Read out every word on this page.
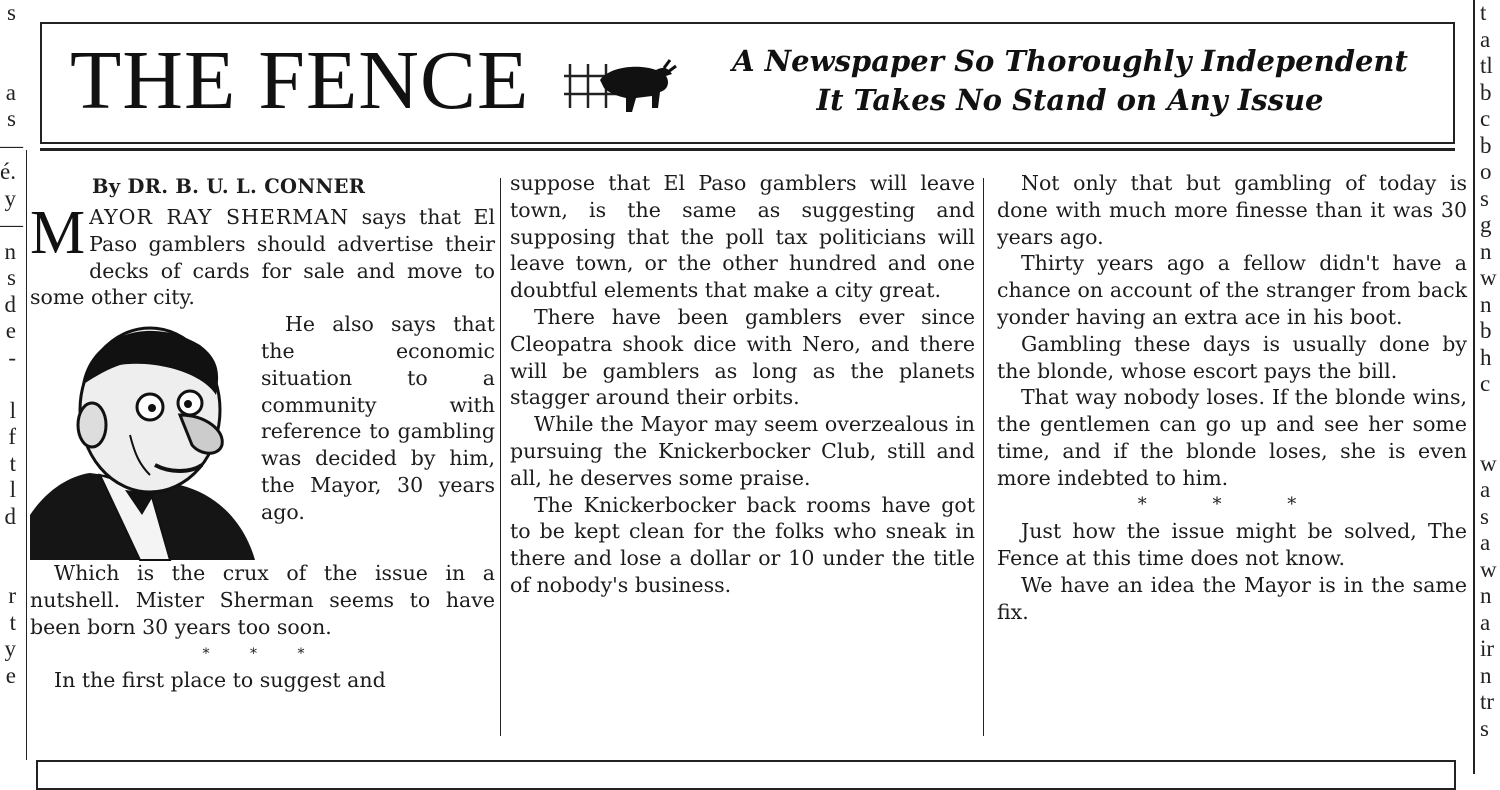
s
a
s
—
é.
y
—
n
s
d
e
-
l
f
t
l
d
r
t
y
e
t
a
tl
b
c
b
o
s
g
n
w
n
b
h
c
w
a
s
a
w
n
a
ir
n
tr
s
THE FENCE	A Newspaper So Thoroughly Independent
It Takes No Stand on Any Issue
By DR. B. U. L. CONNER

MAYOR RAY SHERMAN says that El Paso gamblers should advertise their decks of cards for sale and move to some other city.

He also says that the economic situation to a community with reference to gambling was decided by him, the Mayor, 30 years ago.

Which is the crux of the issue in a nutshell. Mister Sherman seems to have been born 30 years too soon.

* * *

In the first place to suggest and

suppose that El Paso gamblers will leave town, is the same as suggesting and supposing that the poll tax politicians will leave town, or the other hundred and one doubtful elements that make a city great.

There have been gamblers ever since Cleopatra shook dice with Nero, and there will be gamblers as long as the planets stagger around their orbits.

While the Mayor may seem overzealous in pursuing the Knickerbocker Club, still and all, he deserves some praise.

The Knickerbocker back rooms have got to be kept clean for the folks who sneak in there and lose a dollar or 10 under the title of nobody's business.

Not only that but gambling of today is done with much more finesse than it was 30 years ago.

Thirty years ago a fellow didn't have a chance on account of the stranger from back yonder having an extra ace in his boot.

Gambling these days is usually done by the blonde, whose escort pays the bill.

That way nobody loses. If the blonde wins, the gentlemen can go up and see her some time, and if the blonde loses, she is even more indebted to him.

* * *

Just how the issue might be solved, The Fence at this time does not know.

We have an idea the Mayor is in the same fix.
